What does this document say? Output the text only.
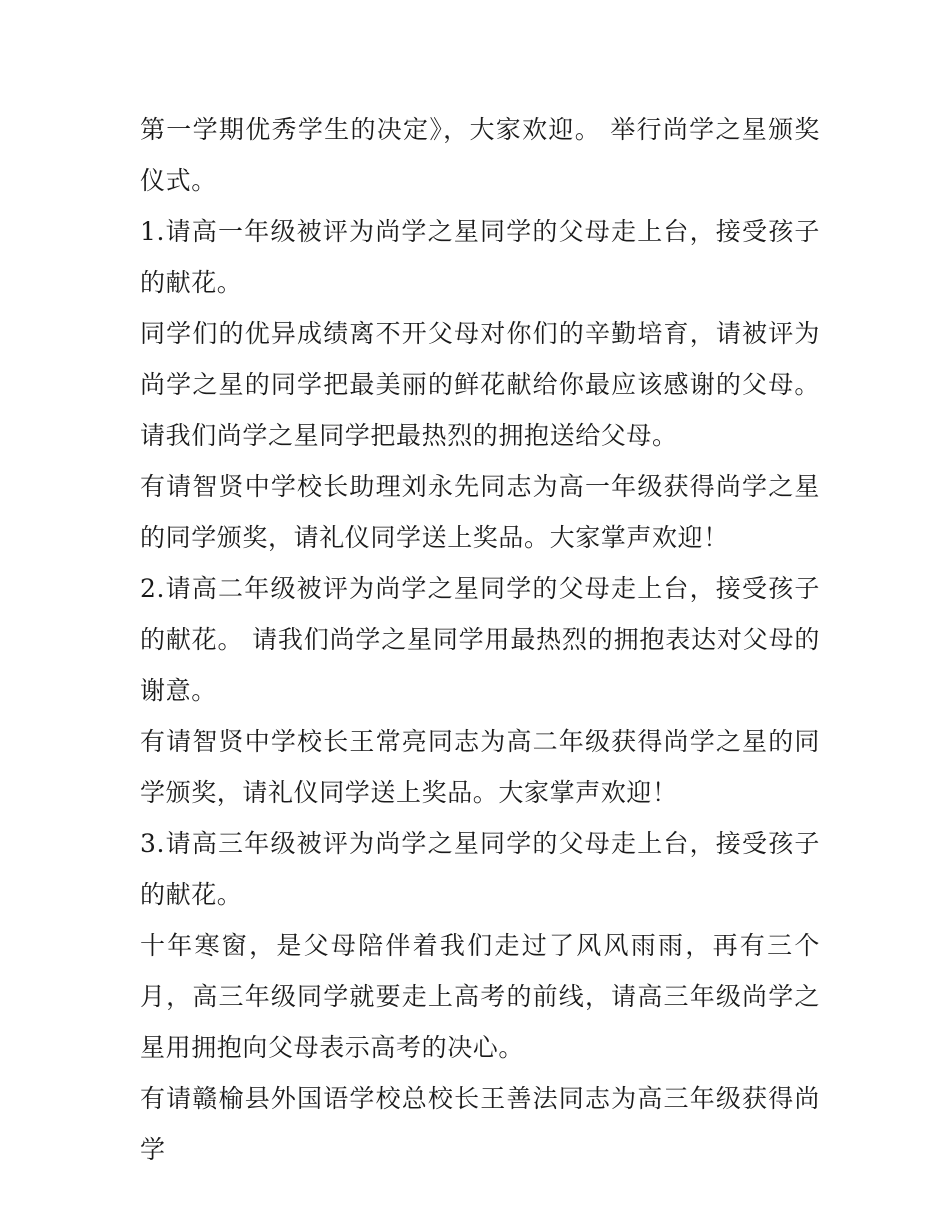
第一学期优秀学生的决定》，大家欢迎。 举行尚学之星颁奖仪式。

1.请高一年级被评为尚学之星同学的父母走上台，接受孩子的献花。

同学们的优异成绩离不开父母对你们的辛勤培育，请被评为尚学之星的同学把最美丽的鲜花献给你最应该感谢的父母。请我们尚学之星同学把最热烈的拥抱送给父母。

有请智贤中学校长助理刘永先同志为高一年级获得尚学之星的同学颁奖，请礼仪同学送上奖品。大家掌声欢迎！

2.请高二年级被评为尚学之星同学的父母走上台，接受孩子的献花。 请我们尚学之星同学用最热烈的拥抱表达对父母的谢意。

有请智贤中学校长王常亮同志为高二年级获得尚学之星的同学颁奖，请礼仪同学送上奖品。大家掌声欢迎！

3.请高三年级被评为尚学之星同学的父母走上台，接受孩子的献花。

十年寒窗，是父母陪伴着我们走过了风风雨雨，再有三个月，高三年级同学就要走上高考的前线，请高三年级尚学之星用拥抱向父母表示高考的决心。

有请赣榆县外国语学校总校长王善法同志为高三年级获得尚学
